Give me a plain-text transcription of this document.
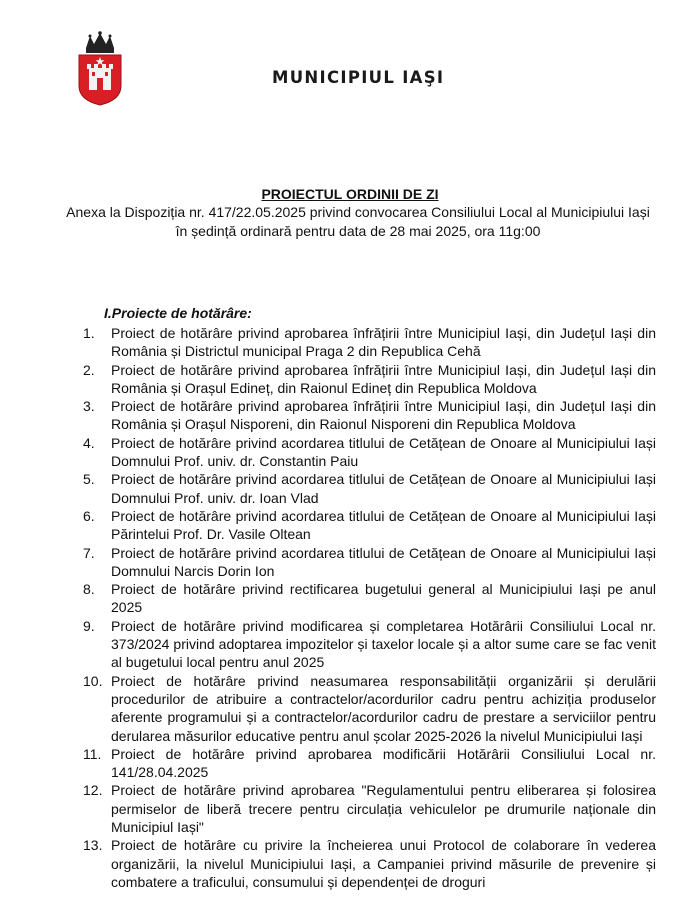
MUNICIPIUL IAŞI
PROIECTUL ORDINII DE ZI
Anexa la Dispoziția nr. 417/22.05.2025 privind convocarea Consiliului Local al Municipiului Iași în ședință ordinară pentru data de 28 mai 2025, ora 11g:00
I.Proiecte de hotărâre:
1.	Proiect de hotărâre privind aprobarea înfrățirii între Municipiul Iași, din Județul Iași din România și Districtul municipal Praga 2 din Republica Cehă
2.	Proiect de hotărâre privind aprobarea înfrățirii între Municipiul Iași, din Județul Iași din România și Orașul Edineț, din Raionul Edineț din Republica Moldova
3.	Proiect de hotărâre privind aprobarea înfrățirii între Municipiul Iași, din Județul Iași din România și Orașul Nisporeni, din Raionul Nisporeni din Republica Moldova
4.	Proiect de hotărâre privind acordarea titlului de Cetățean de Onoare al Municipiului Iași Domnului Prof. univ. dr. Constantin Paiu
5.	Proiect de hotărâre privind acordarea titlului de Cetățean de Onoare al Municipiului Iași Domnului Prof. univ. dr. Ioan Vlad
6.	Proiect de hotărâre privind acordarea titlului de Cetățean de Onoare al Municipiului Iași Părintelui Prof. Dr. Vasile Oltean
7.	Proiect de hotărâre privind acordarea titlului de Cetățean de Onoare al Municipiului Iași Domnului Narcis Dorin Ion
8.	Proiect de hotărâre privind rectificarea bugetului general al Municipiului Iași pe anul 2025
9.	Proiect de hotărâre privind modificarea și completarea Hotărârii Consiliului Local nr. 373/2024 privind adoptarea impozitelor și taxelor locale și a altor sume care se fac venit al bugetului local pentru anul 2025
10. Proiect de hotărâre privind neasumarea responsabilității organizării și derulării procedurilor de atribuire a contractelor/acordurilor cadru pentru achiziția produselor aferente programului și a contractelor/acordurilor cadru de prestare a serviciilor pentru derularea măsurilor educative pentru anul școlar 2025-2026 la nivelul Municipiului Iași
11. Proiect de hotărâre privind aprobarea modificării Hotărârii Consiliului Local nr. 141/28.04.2025
12. Proiect de hotărâre privind aprobarea "Regulamentului pentru eliberarea și folosirea permiselor de liberă trecere pentru circulația vehiculelor pe drumurile naționale din Municipiul Iași"
13. Proiect de hotărâre cu privire la încheierea unui Protocol de colaborare în vederea organizării, la nivelul Municipiului Iași, a Campaniei privind măsurile de prevenire și combatere a traficului, consumului și dependenței de droguri
